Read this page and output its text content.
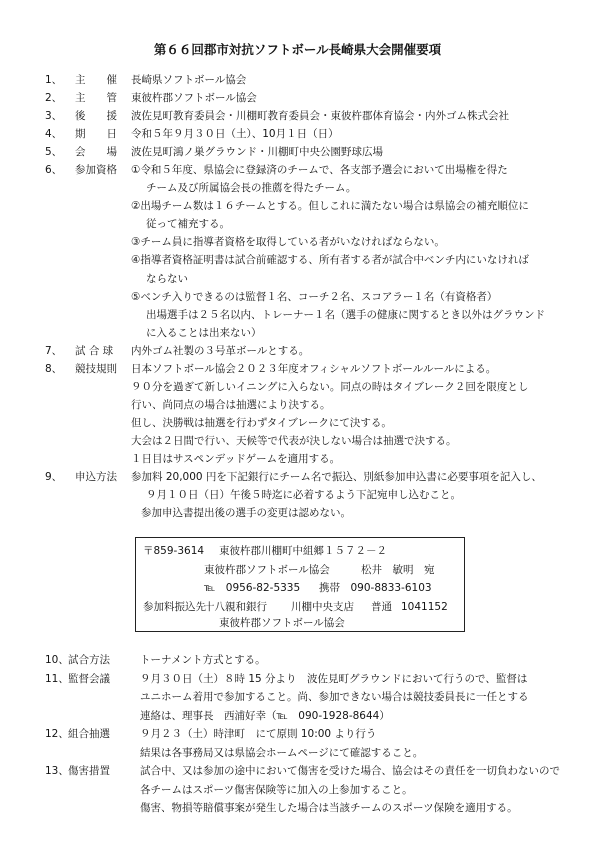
第６６回郡市対抗ソフトボール長崎県大会開催要項
1、	主　　催	長崎県ソフトボール協会
2、	主　　管	東彼杵郡ソフトボール協会
3、	後　　援	波佐見町教育委員会・川棚町教育委員会・東彼杵郡体育協会・内外ゴム株式会社
4、	期　　日	令和５年９月３０日（土）、10月１日（日）
5、	会　　場	波佐見町鴻ノ巣グラウンド・川棚町中央公園野球広場
6、	参加資格	①令和５年度、県協会に登録済のチームで、各支部予選会において出場権を得た
チーム及び所属協会長の推薦を得たチーム。
②出場チーム数は１６チームとする。但しこれに満たない場合は県協会の補充順位に
従って補充する。
③チーム員に指導者資格を取得している者がいなければならない。
④指導者資格証明書は試合前確認する、所有者する者が試合中ベンチ内にいなければ
ならない
⑤ベンチ入りできるのは監督１名、コーチ２名、スコアラー１名（有資格者）
出場選手は２５名以内、トレーナー１名（選手の健康に関するとき以外はグラウンド
に入ることは出来ない）
7、	試 合 球	内外ゴム社製の３号革ボールとする。
8、	競技規則	日本ソフトボール協会２０２３年度オフィシャルソフトボールルールによる。
９０分を過ぎて新しいイニングに入らない。同点の時はタイブレーク２回を限度とし
行い、尚同点の場合は抽選により決する。
但し、決勝戦は抽選を行わずタイブレークにて決する。
大会は２日間で行い、天候等で代表が決しない場合は抽選で決する。
１日目はサスペンデッドゲームを適用する。
9、	申込方法	参加料 20,000 円を下記銀行にチーム名で振込、別紙参加申込書に必要事項を記入し、
９月１０日（日）午後５時迄に必着するよう下記宛申し込むこと。
参加申込書提出後の選手の変更は認めない。
〒859-3614 東彼杵郡川棚町中組郷１５７２－２
東彼杵郡ソフトボール協会	松井　敏明　宛
℡　0956-82-5335 携帯　090-8833-6103
参加料振込先
十八親和銀行 川棚中央支店 普通 1041152
東彼杵郡ソフトボール協会
10、 試合方法	トーナメント方式とする。
11、 監督会議	９月３０日（土）８時 15 分より　波佐見町グラウンドにおいて行うので、監督は
ユニホーム着用で参加すること。尚、参加できない場合は競技委員長に一任とする
連絡は、理事長　西浦好幸（℡　090-1928-8644）
12、 組合抽選	９月２３（土）時津町　にて原則 10:00 より行う
結果は各事務局又は県協会ホームページにて確認すること。
13、 傷害措置	試合中、又は参加の途中において傷害を受けた場合、協会はその責任を一切負わないので
各チームはスポーツ傷害保険等に加入の上参加すること。
傷害、物損等賠償事案が発生した場合は当該チームのスポーツ保険を適用する。
